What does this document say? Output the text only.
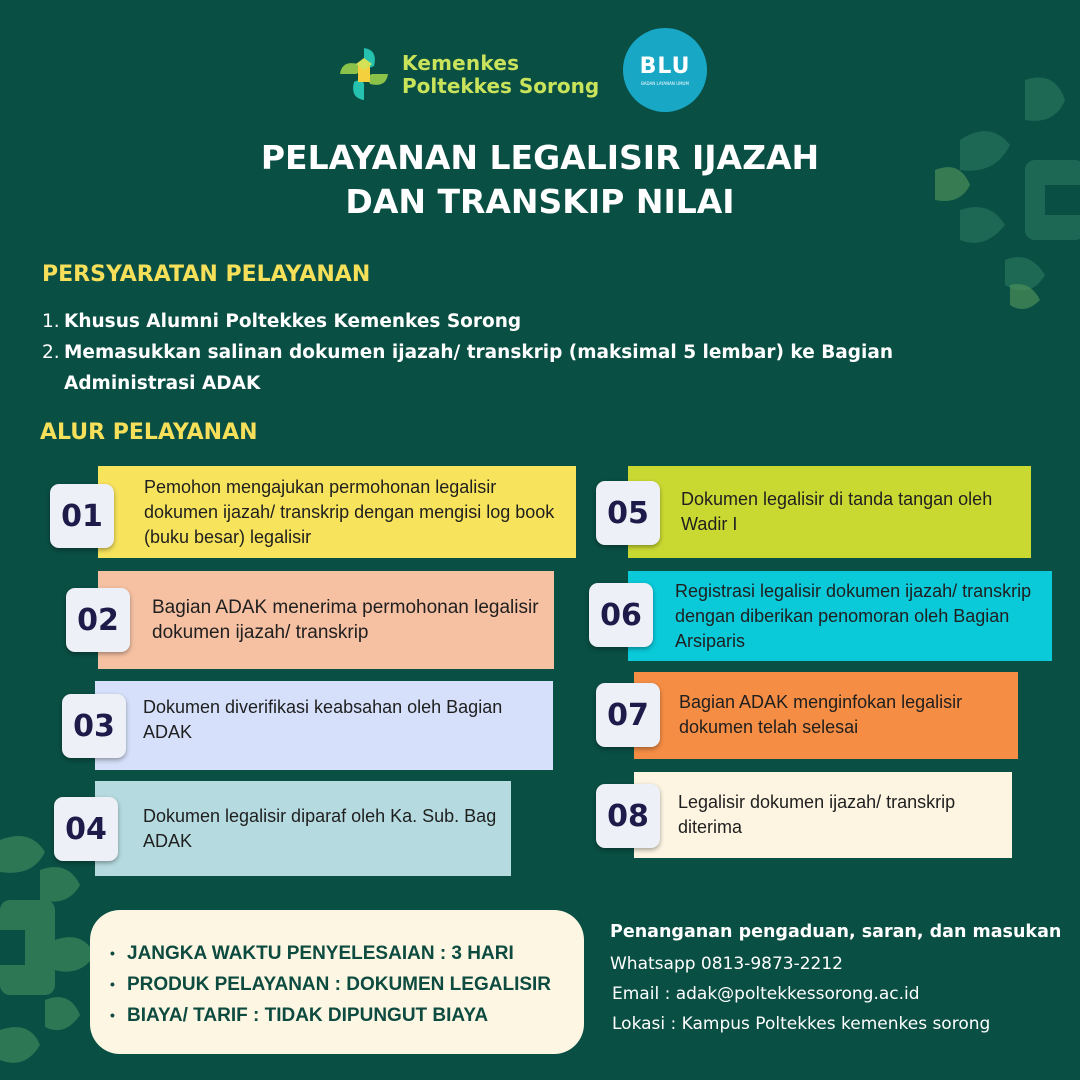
Kemenkes
Poltekkes Sorong
BLU
BADAN LAYANAN UMUM
PELAYANAN LEGALISIR IJAZAH
DAN TRANSKIP NILAI
PERSYARATAN PELAYANAN
1. Khusus Alumni Poltekkes Kemenkes Sorong
2. Memasukkan salinan dokumen ijazah/ transkrip (maksimal 5 lembar) ke Bagian Administrasi ADAK
ALUR PELAYANAN
Pemohon mengajukan permohonan legalisir dokumen ijazah/ transkrip dengan mengisi log book (buku besar) legalisir
01
Bagian ADAK menerima permohonan legalisir dokumen ijazah/ transkrip
02
Dokumen diverifikasi keabsahan oleh Bagian ADAK
03
Dokumen legalisir diparaf oleh Ka. Sub. Bag ADAK
04
Dokumen legalisir di tanda tangan oleh Wadir I
05
Registrasi legalisir dokumen ijazah/ transkrip dengan diberikan penomoran oleh Bagian Arsiparis
06
Bagian ADAK menginfokan legalisir dokumen telah selesai
07
Legalisir dokumen ijazah/ transkrip diterima
08
• JANGKA WAKTU PENYELESAIAN : 3 HARI
• PRODUK PELAYANAN : DOKUMEN LEGALISIR
• BIAYA/ TARIF : TIDAK DIPUNGUT BIAYA
Penanganan pengaduan, saran, dan masukan
Whatsapp 0813-9873-2212
Email : adak@poltekkessorong.ac.id
Lokasi : Kampus Poltekkes kemenkes sorong
